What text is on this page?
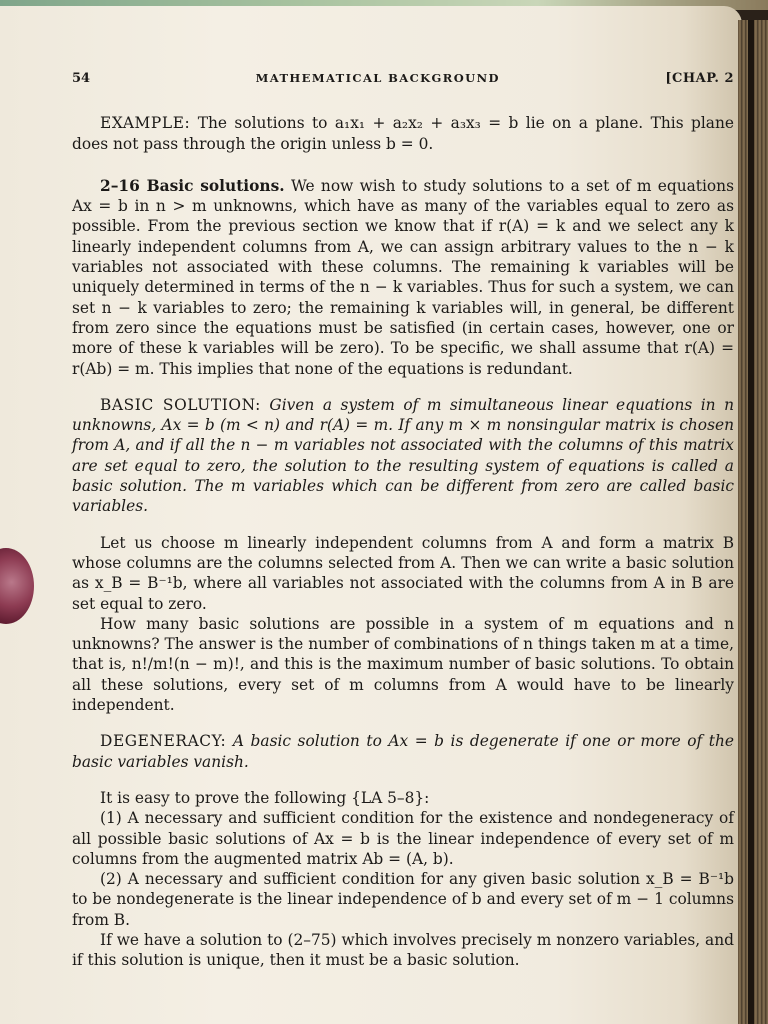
54	MATHEMATICAL BACKGROUND	[CHAP. 2

EXAMPLE: The solutions to a₁x₁ + a₂x₂ + a₃x₃ = b lie on a plane. This plane does not pass through the origin unless b = 0.

2–16 Basic solutions. We now wish to study solutions to a set of m equations Ax = b in n > m unknowns, which have as many of the variables equal to zero as possible. From the previous section we know that if r(A) = k and we select any k linearly independent columns from A, we can assign arbitrary values to the n − k variables not associated with these columns. The remaining k variables will be uniquely determined in terms of the n − k variables. Thus for such a system, we can set n − k variables to zero; the remaining k variables will, in general, be different from zero since the equations must be satisfied (in certain cases, however, one or more of these k variables will be zero). To be specific, we shall assume that r(A) = r(Ab) = m. This implies that none of the equations is redundant.

BASIC SOLUTION: Given a system of m simultaneous linear equations in n unknowns, Ax = b (m < n) and r(A) = m. If any m × m nonsingular matrix is chosen from A, and if all the n − m variables not associated with the columns of this matrix are set equal to zero, the solution to the resulting system of equations is called a basic solution. The m variables which can be different from zero are called basic variables.

Let us choose m linearly independent columns from A and form a matrix B whose columns are the columns selected from A. Then we can write a basic solution as x_B = B⁻¹b, where all variables not associated with the columns from A in B are set equal to zero.

How many basic solutions are possible in a system of m equations and n unknowns? The answer is the number of combinations of n things taken m at a time, that is, n!/m!(n − m)!, and this is the maximum number of basic solutions. To obtain all these solutions, every set of m columns from A would have to be linearly independent.

DEGENERACY: A basic solution to Ax = b is degenerate if one or more of the basic variables vanish.

It is easy to prove the following {LA 5–8}:

(1) A necessary and sufficient condition for the existence and nondegeneracy of all possible basic solutions of Ax = b is the linear independence of every set of m columns from the augmented matrix Ab = (A, b).

(2) A necessary and sufficient condition for any given basic solution x_B = B⁻¹b to be nondegenerate is the linear independence of b and every set of m − 1 columns from B.

If we have a solution to (2–75) which involves precisely m nonzero variables, and if this solution is unique, then it must be a basic solution.
